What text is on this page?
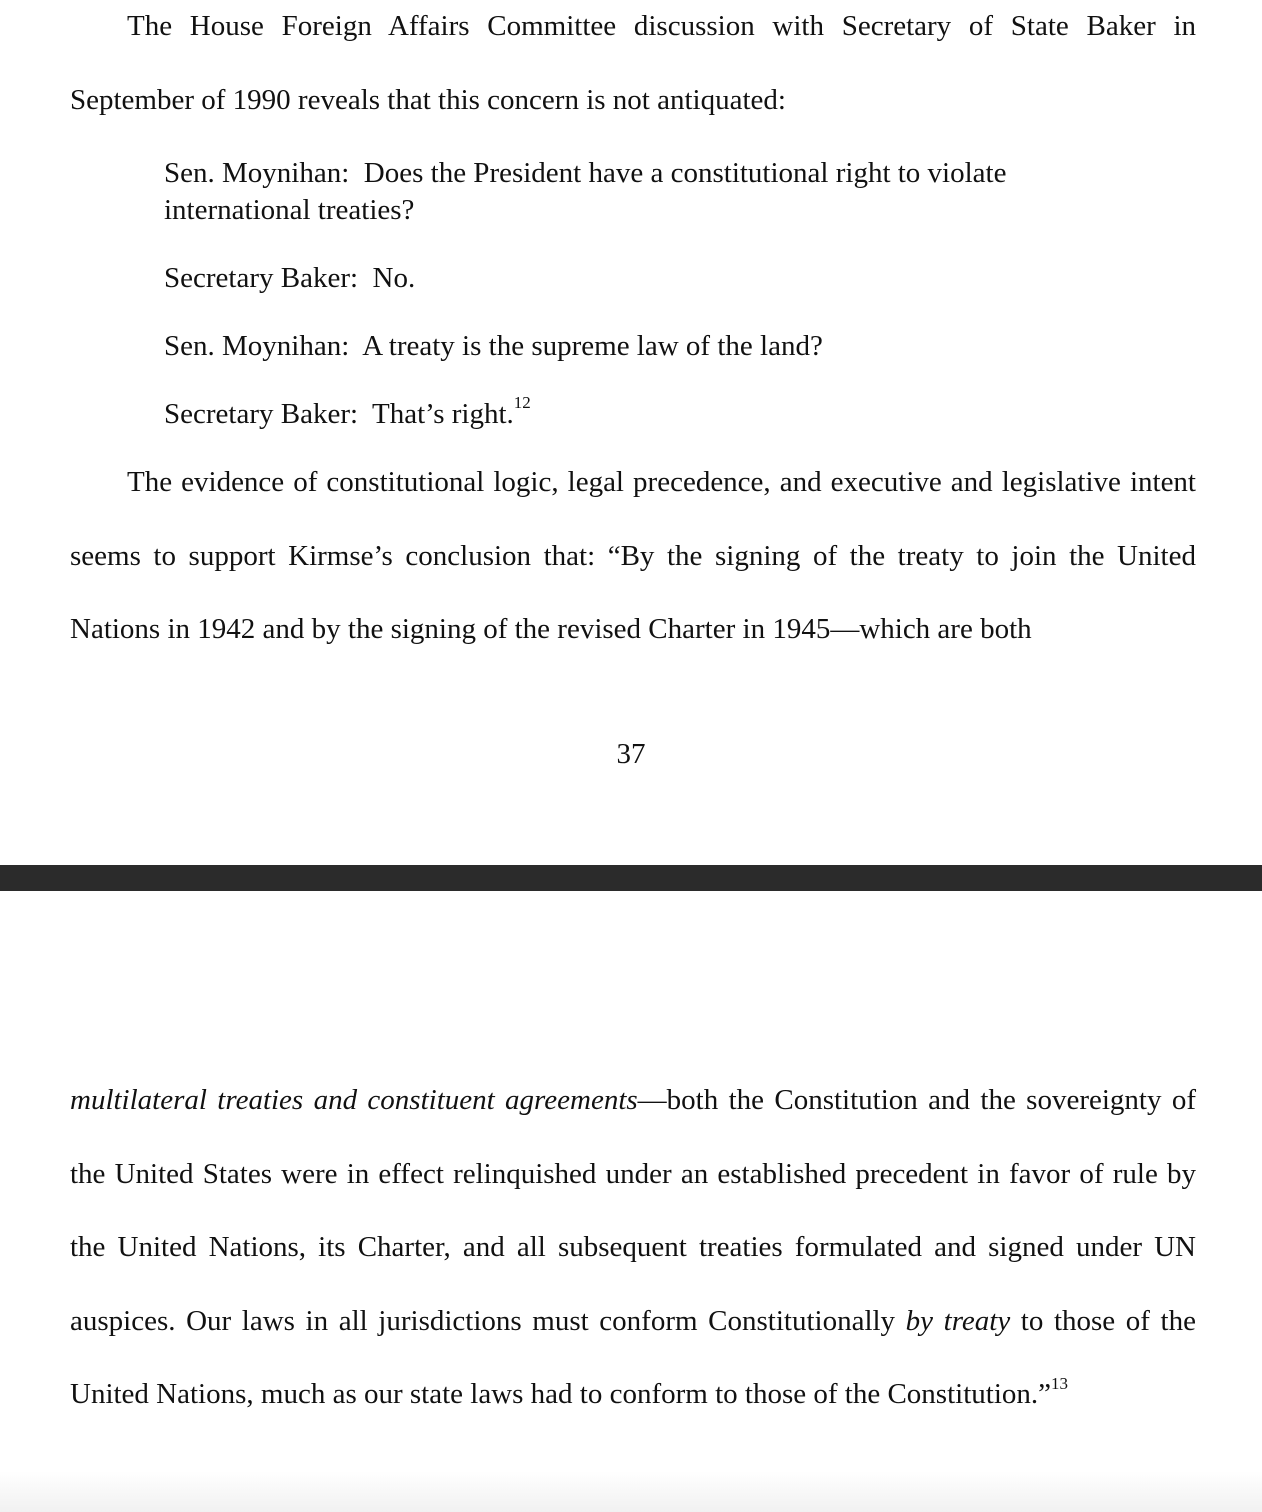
The House Foreign Affairs Committee discussion with Secretary of State Baker in September of 1990 reveals that this concern is not antiquated:

Sen. Moynihan: Does the President have a constitutional right to violate international treaties?

Secretary Baker: No.

Sen. Moynihan: A treaty is the supreme law of the land?

Secretary Baker: That’s right.$^{12}$

The evidence of constitutional logic, legal precedence, and executive and legislative intent seems to support Kirmse’s conclusion that: “By the signing of the treaty to join the United Nations in 1942 and by the signing of the revised Charter in 1945—which are both

37

multilateral treaties and constituent agreements—both the Constitution and the sovereignty of the United States were in effect relinquished under an established precedent in favor of rule by the United Nations, its Charter, and all subsequent treaties formulated and signed under UN auspices. Our laws in all jurisdictions must conform Constitutionally by treaty to those of the United Nations, much as our state laws had to conform to those of the Constitution.”$^{13}$
